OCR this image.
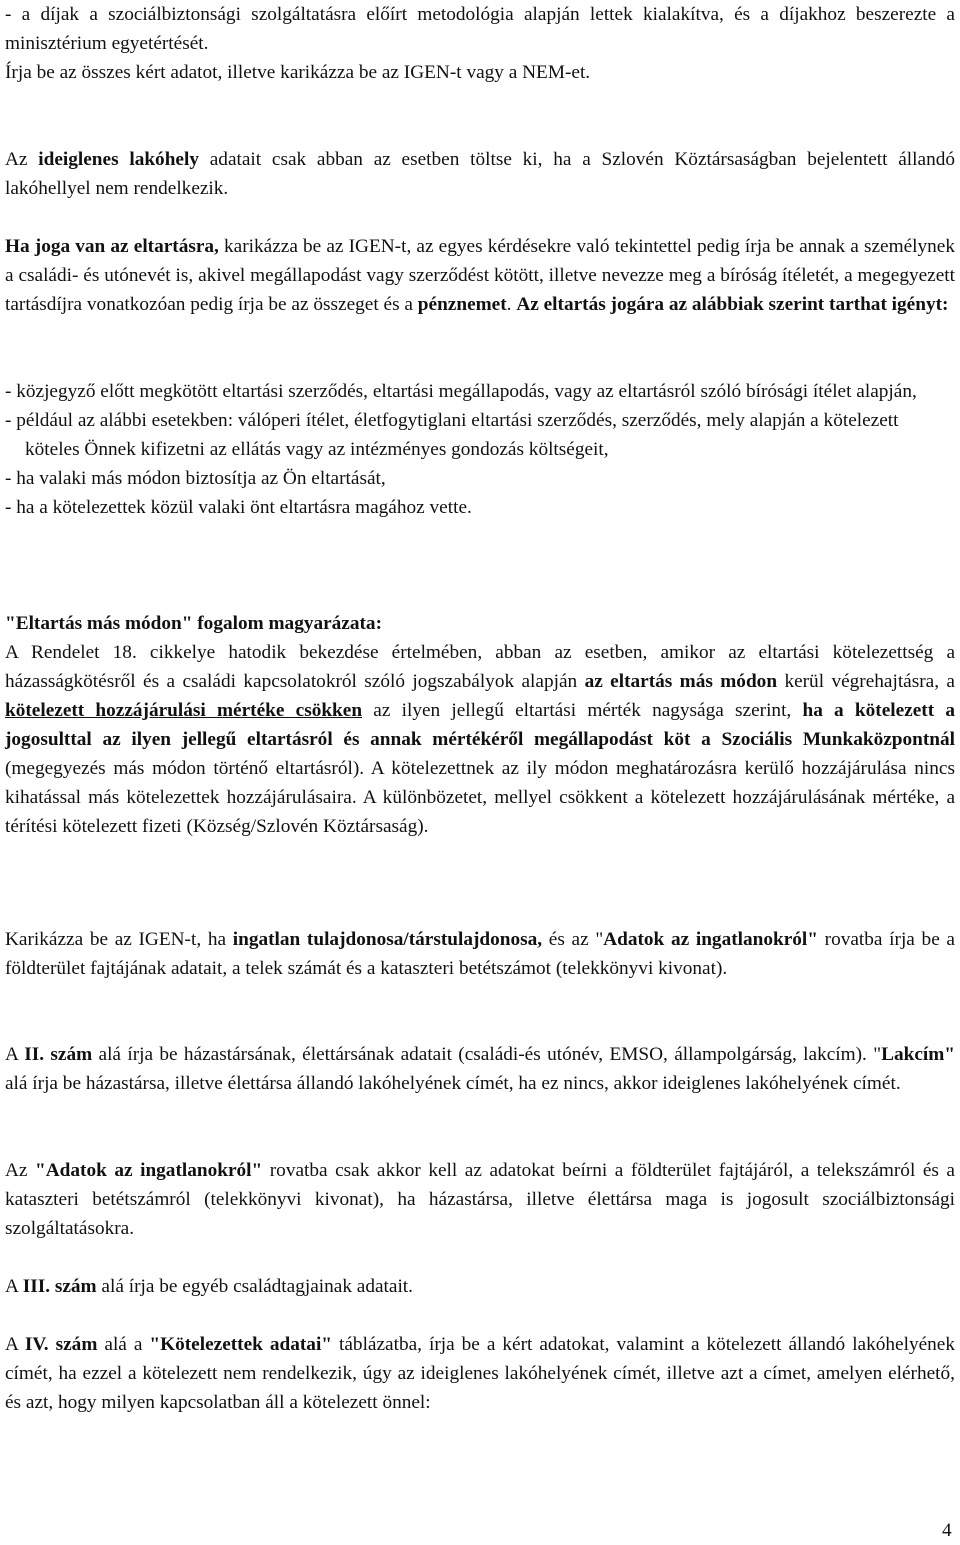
- a díjak a szociálbiztonsági szolgáltatásra előírt metodológia alapján lettek kialakítva, és a díjakhoz beszerezte a minisztérium egyetértését.

Írja be az összes kért adatot, illetve karikázza be az IGEN-t vagy a NEM-et.

Az ideiglenes lakóhely adatait csak abban az esetben töltse ki, ha a Szlovén Köztársaságban bejelentett állandó lakóhellyel nem rendelkezik.

Ha joga van az eltartásra, karikázza be az IGEN-t, az egyes kérdésekre való tekintettel pedig írja be annak a személynek a családi- és utónevét is, akivel megállapodást vagy szerződést kötött, illetve nevezze meg a bíróság ítéletét, a megegyezett tartásdíjra vonatkozóan pedig írja be az összeget és a pénznemet. Az eltartás jogára az alábbiak szerint tarthat igényt:

- közjegyző előtt megkötött eltartási szerződés, eltartási megállapodás, vagy az eltartásról szóló bírósági ítélet alapján,
- például az alábbi esetekben: válóperi ítélet, életfogytiglani eltartási szerződés, szerződés, mely alapján a kötelezett köteles Önnek kifizetni az ellátás vagy az intézményes gondozás költségeit,
- ha valaki más módon biztosítja az Ön eltartását,
- ha a kötelezettek közül valaki önt eltartásra magához vette.

"Eltartás más módon" fogalom magyarázata:

A Rendelet 18. cikkelye hatodik bekezdése értelmében, abban az esetben, amikor az eltartási kötelezettség a házasságkötésről és a családi kapcsolatokról szóló jogszabályok alapján az eltartás más módon kerül végrehajtásra, a kötelezett hozzájárulási mértéke csökken az ilyen jellegű eltartási mérték nagysága szerint, ha a kötelezett a jogosulttal az ilyen jellegű eltartásról és annak mértékéről megállapodást köt a Szociális Munkaközpontnál (megegyezés más módon történő eltartásról). A kötelezettnek az ily módon meghatározásra kerülő hozzájárulása nincs kihatással más kötelezettek hozzájárulásaira. A különbözetet, mellyel csökkent a kötelezett hozzájárulásának mértéke, a térítési kötelezett fizeti (Község/Szlovén Köztársaság).

Karikázza be az IGEN-t, ha ingatlan tulajdonosa/társtulajdonosa, és az "Adatok az ingatlanokról" rovatba írja be a földterület fajtájának adatait, a telek számát és a kataszteri betétszámot (telekkönyvi kivonat).

A II. szám alá írja be házastársának, élettársának adatait (családi-és utónév, EMSO, állampolgárság, lakcím). "Lakcím" alá írja be házastársa, illetve élettársa állandó lakóhelyének címét, ha ez nincs, akkor ideiglenes lakóhelyének címét.

Az "Adatok az ingatlanokról" rovatba csak akkor kell az adatokat beírni a földterület fajtájáról, a telekszámról és a kataszteri betétszámról (telekkönyvi kivonat), ha házastársa, illetve élettársa maga is jogosult szociálbiztonsági szolgáltatásokra.

A III. szám alá írja be egyéb családtagjainak adatait.

A IV. szám alá a "Kötelezettek adatai" táblázatba, írja be a kért adatokat, valamint a kötelezett állandó lakóhelyének címét, ha ezzel a kötelezett nem rendelkezik, úgy az ideiglenes lakóhelyének címét, illetve azt a címet, amelyen elérhető, és azt, hogy milyen kapcsolatban áll a kötelezett önnel:

4
